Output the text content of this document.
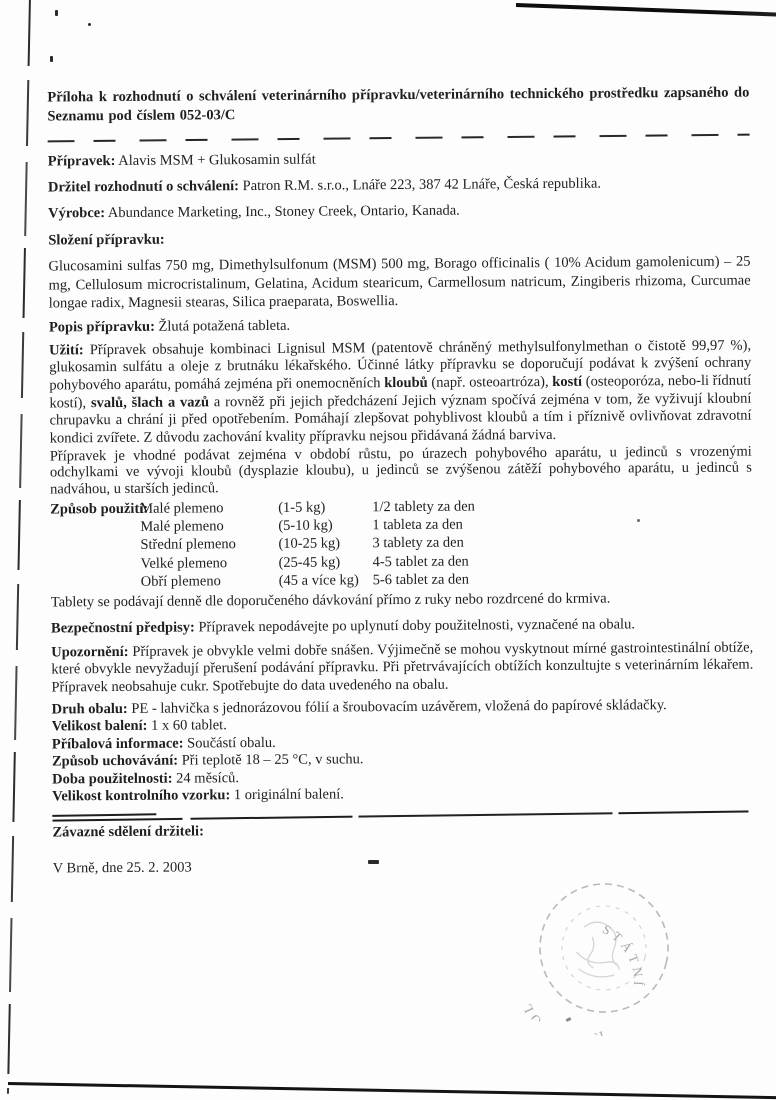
Příloha k rozhodnutí o schválení veterinárního přípravku/veterinárního technického prostředku zapsaného do Seznamu pod číslem 052-03/C

Přípravek: Alavis MSM + Glukosamin sulfát

Držitel rozhodnutí o schválení: Patron R.M. s.r.o., Lnáře 223, 387 42 Lnáře, Česká republika.

Výrobce: Abundance Marketing, Inc., Stoney Creek, Ontario, Kanada.

Složení přípravku:

Glucosamini sulfas 750 mg, Dimethylsulfonum (MSM) 500 mg, Borago officinalis ( 10% Acidum gamolenicum) – 25 mg, Cellulosum microcristalinum, Gelatina, Acidum stearicum, Carmellosum natricum, Zingiberis rhizoma, Curcumae longae radix, Magnesii stearas, Silica praeparata, Boswellia.

Popis přípravku: Žlutá potažená tableta.

Užití: Přípravek obsahuje kombinaci Lignisul MSM (patentově chráněný methylsulfonylmethan o čistotě 99,97 %), glukosamin sulfátu a oleje z brutnáku lékařského. Účinné látky přípravku se doporučují podávat k zvýšení ochrany pohybového aparátu, pomáhá zejména při onemocněních kloubů (např. osteoartróza), kostí (osteoporóza, nebo-li řídnutí kostí), svalů, šlach a vazů a rovněž při jejich předcházení Jejich význam spočívá zejména v tom, že vyživují kloubní chrupavku a chrání ji před opotřebením. Pomáhají zlepšovat pohyblivost kloubů a tím i příznivě ovlivňovat zdravotní kondici zvířete. Z důvodu zachování kvality přípravku nejsou přidávaná žádná barviva.

Přípravek je vhodné podávat zejména v období růstu, po úrazech pohybového aparátu, u jedinců s vrozenými odchylkami ve vývoji kloubů (dysplazie kloubu), u jedinců se zvýšenou zátěží pohybového aparátu, u jedinců s nadváhou, u starších jedinců.

Způsob použití:
Malé plemeno	(1-5 kg)	1/2 tablety za den
Malé plemeno	(5-10 kg)	1 tableta za den
Střední plemeno	(10-25 kg)	3 tablety za den
Velké plemeno	(25-45 kg)	4-5 tablet za den
Obří plemeno	(45 a více kg) 5-6 tablet za den

Tablety se podávají denně dle doporučeného dávkování přímo z ruky nebo rozdrcené do krmiva.

Bezpečnostní předpisy: Přípravek nepodávejte po uplynutí doby použitelnosti, vyznačené na obalu.

Upozornění: Přípravek je obvykle velmi dobře snášen. Výjimečně se mohou vyskytnout mírné gastrointestinální obtíže, které obvykle nevyžadují přerušení podávání přípravku. Při přetrvávajících obtížích konzultujte s veterinárním lékařem. Přípravek neobsahuje cukr. Spotřebujte do data uvedeného na obalu.

Druh obalu: PE - lahvička s jednorázovou fólií a šroubovacím uzávěrem, vložená do papírové skládačky.

Velikost balení: 1 x 60 tablet.

Příbalová informace: Součástí obalu.

Způsob uchovávání: Při teplotě 18 – 25 °C, v suchu.

Doba použitelnosti: 24 měsíců.

Velikost kontrolního vzorku: 1 originální balení.

Závazné sdělení držiteli:

V Brně, dne 25. 2. 2003

STÁTNÍ
KONTROL
